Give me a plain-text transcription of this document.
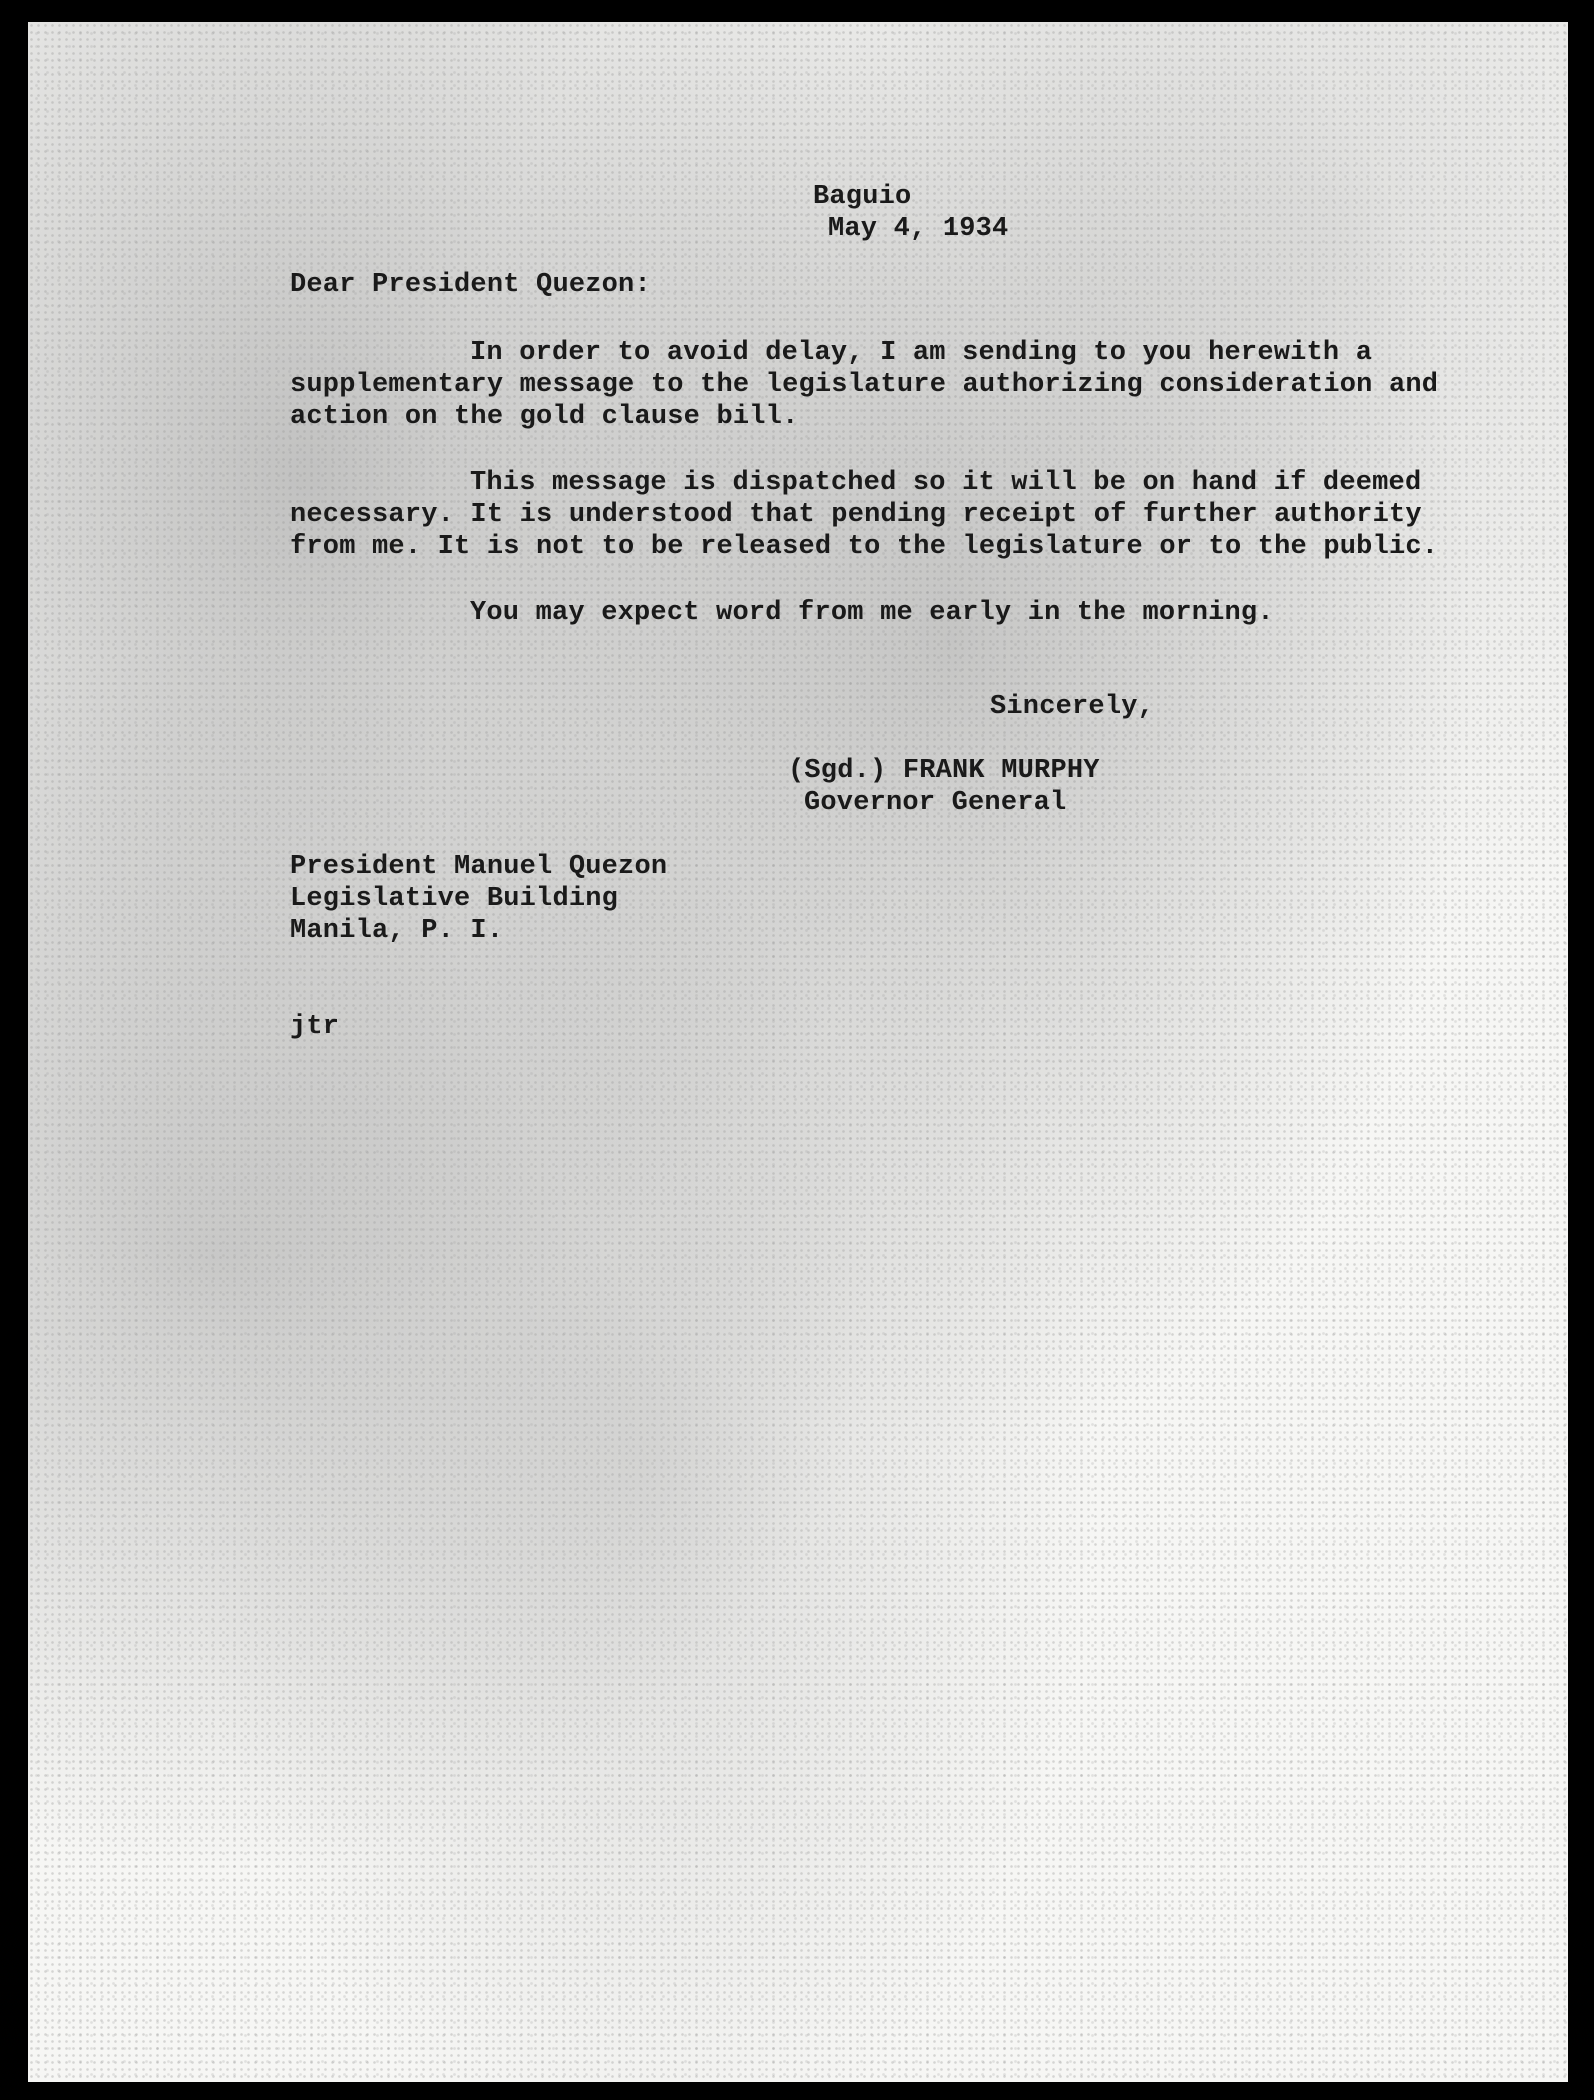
Baguio
May 4, 1934
Dear President Quezon:
In order to avoid delay, I am sending to you herewith a
supplementary message to the legislature authorizing consideration and
action on the gold clause bill.
This message is dispatched so it will be on hand if deemed
necessary. It is understood that pending receipt of further authority
from me. It is not to be released to the legislature or to the public.
You may expect word from me early in the morning.
Sincerely,
(Sgd.) FRANK MURPHY
Governor General
President Manuel Quezon
Legislative Building
Manila, P. I.
jtr
